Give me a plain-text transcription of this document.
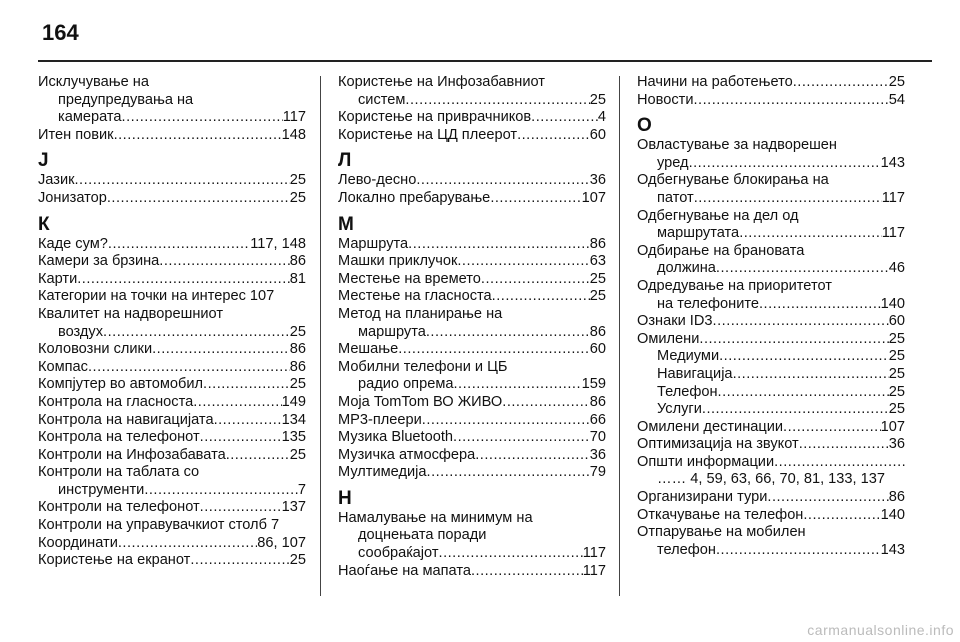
164
Исклучување на
предупредувања на
камерата .....	117
Итен повик .....	148
Ј
Јазик .....	25
Јонизатор .....	25
К
Каде сум? .....	117, 148
Камери за брзина .....	86
Карти .....	81
Категории на точки на интерес 107
Квалитет на надворешниот
воздух .....	25
Коловозни слики .....	86
Компас .....	86
Компјутер во автомобил .....	25
Контрола на гласноста .....	149
Контрола на навигацијата .....	134
Контрола на телефонот .....	135
Контроли на Инфозабавата .....	25
Контроли на таблата со
инструменти .....	7
Контроли на телефонот .....	137
Контроли на управувачкиот столб 7
Координати .....	86, 107
Користење на екранот .....	25
Користење на Инфозабавниот
систем .....	25
Користење на приврачников .....	4
Користење на ЦД плеерот .....	60
Л
Лево-десно .....	36
Локално пребарување .....	107
М
Маршрута .....	86
Машки приклучок .....	63
Местење на времето .....	25
Местење на гласноста .....	25
Метод на планирање на
маршрута .....	86
Мешање .....	60
Мобилни телефони и ЦБ
радио опрема .....	159
Моја TomTom ВО ЖИВО .....	86
MP3-плеери .....	66
Музика Bluetooth .....	70
Музичка атмосфера .....	36
Мултимедија .....	79
Н
Намалување на минимум на
доцнењата поради
сообраќајот .....	117
Наоѓање на мапата .....	117
Начини на работењето .....	25
Новости .....	54
О
Овластување за надворешен
уред .....	143
Одбегнување блокирања на
патот .....	117
Одбегнување на дел од
маршрутата .....	117
Одбирање на брановата
должина .....	46
Одредување на приоритетот
на телефоните .....	140
Ознаки ID3 .....	60
Омилени .....	25
Медиуми .....	25
Навигација .....	25
Телефон .....	25
Услуги .....	25
Омилени дестинации .....	107
Оптимизација на звукот .....	36
Општи информации
.....
…… 4, 59, 63, 66, 70, 81, 133, 137
Организирани тури .....	86
Откачување на телефон .....	140
Отпарување на мобилен
телефон .....	143
carmanualsonline.info
